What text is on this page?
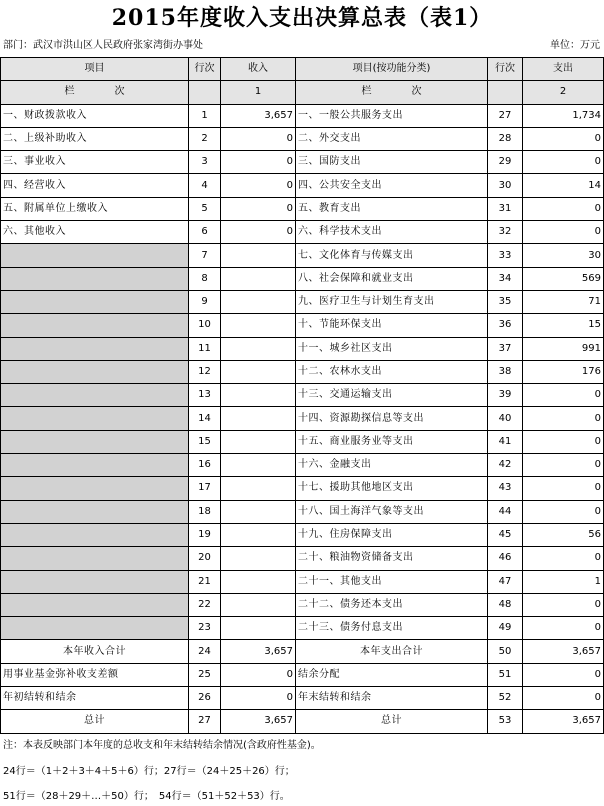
2015年度收入支出决算总表（表1）
部门：武汉市洪山区人民政府张家湾街办事处	单位：万元
项目	行次	收入	项目(按功能分类)	行次	支出
栏　　　　次		1	栏　　　　次		2
一、财政拨款收入	1	3,657	一、一般公共服务支出	27	1,734
二、上级补助收入	2	0	二、外交支出	28	0
三、事业收入	3	0	三、国防支出	29	0
四、经营收入	4	0	四、公共安全支出	30	14
五、附属单位上缴收入	5	0	五、教育支出	31	0
六、其他收入	6	0	六、科学技术支出	32	0
	7		七、文化体育与传媒支出	33	30
	8		八、社会保障和就业支出	34	569
	9		九、医疗卫生与计划生育支出	35	71
	10		十、节能环保支出	36	15
	11		十一、城乡社区支出	37	991
	12		十二、农林水支出	38	176
	13		十三、交通运输支出	39	0
	14		十四、资源勘探信息等支出	40	0
	15		十五、商业服务业等支出	41	0
	16		十六、金融支出	42	0
	17		十七、援助其他地区支出	43	0
	18		十八、国土海洋气象等支出	44	0
	19		十九、住房保障支出	45	56
	20		二十、粮油物资储备支出	46	0
	21		二十一、其他支出	47	1
	22		二十二、债务还本支出	48	0
	23		二十三、债务付息支出	49	0
本年收入合计	24	3,657	本年支出合计	50	3,657
用事业基金弥补收支差额	25	0	结余分配	51	0
年初结转和结余	26	0	年末结转和结余	52	0
总计	27	3,657	总计	53	3,657
注：本表反映部门本年度的总收支和年末结转结余情况(含政府性基金)。
24行＝（1＋2＋3＋4＋5＋6）行；27行＝（24＋25＋26）行；
51行＝（28＋29＋…＋50）行；　54行＝（51＋52＋53）行。
